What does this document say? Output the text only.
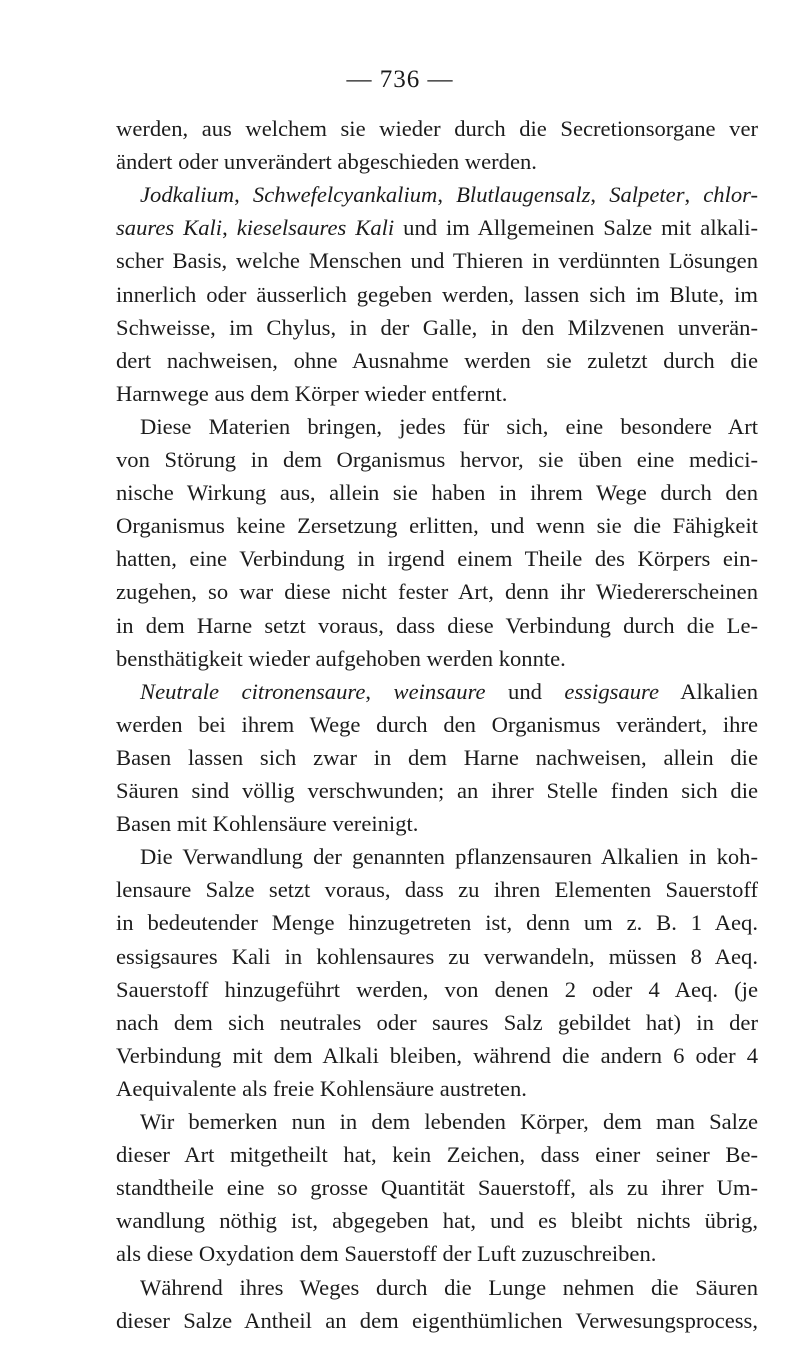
— 736 —
werden, aus welchem sie wieder durch die Secretionsorgane ver
ändert oder unverändert abgeschieden werden.
Jodkalium, Schwefelcyankalium, Blutlaugensalz, Salpeter, chlor-
saures Kali, kieselsaures Kali und im Allgemeinen Salze mit alkali-
scher Basis, welche Menschen und Thieren in verdünnten Lösungen
innerlich oder äusserlich gegeben werden, lassen sich im Blute, im
Schweisse, im Chylus, in der Galle, in den Milzvenen unverän-
dert nachweisen, ohne Ausnahme werden sie zuletzt durch die
Harnwege aus dem Körper wieder entfernt.
Diese Materien bringen, jedes für sich, eine besondere Art
von Störung in dem Organismus hervor, sie üben eine medici-
nische Wirkung aus, allein sie haben in ihrem Wege durch den
Organismus keine Zersetzung erlitten, und wenn sie die Fähigkeit
hatten, eine Verbindung in irgend einem Theile des Körpers ein-
zugehen, so war diese nicht fester Art, denn ihr Wiedererscheinen
in dem Harne setzt voraus, dass diese Verbindung durch die Le-
bensthätigkeit wieder aufgehoben werden konnte.
Neutrale citronensaure, weinsaure und essigsaure Alkalien
werden bei ihrem Wege durch den Organismus verändert, ihre
Basen lassen sich zwar in dem Harne nachweisen, allein die
Säuren sind völlig verschwunden; an ihrer Stelle finden sich die
Basen mit Kohlensäure vereinigt.
Die Verwandlung der genannten pflanzensauren Alkalien in koh-
lensaure Salze setzt voraus, dass zu ihren Elementen Sauerstoff
in bedeutender Menge hinzugetreten ist, denn um z. B. 1 Aeq.
essigsaures Kali in kohlensaures zu verwandeln, müssen 8 Aeq.
Sauerstoff hinzugeführt werden, von denen 2 oder 4 Aeq. (je
nach dem sich neutrales oder saures Salz gebildet hat) in der
Verbindung mit dem Alkali bleiben, während die andern 6 oder 4
Aequivalente als freie Kohlensäure austreten.
Wir bemerken nun in dem lebenden Körper, dem man Salze
dieser Art mitgetheilt hat, kein Zeichen, dass einer seiner Be-
standtheile eine so grosse Quantität Sauerstoff, als zu ihrer Um-
wandlung nöthig ist, abgegeben hat, und es bleibt nichts übrig,
als diese Oxydation dem Sauerstoff der Luft zuzuschreiben.
Während ihres Weges durch die Lunge nehmen die Säuren
dieser Salze Antheil an dem eigenthümlichen Verwesungsprocess,
